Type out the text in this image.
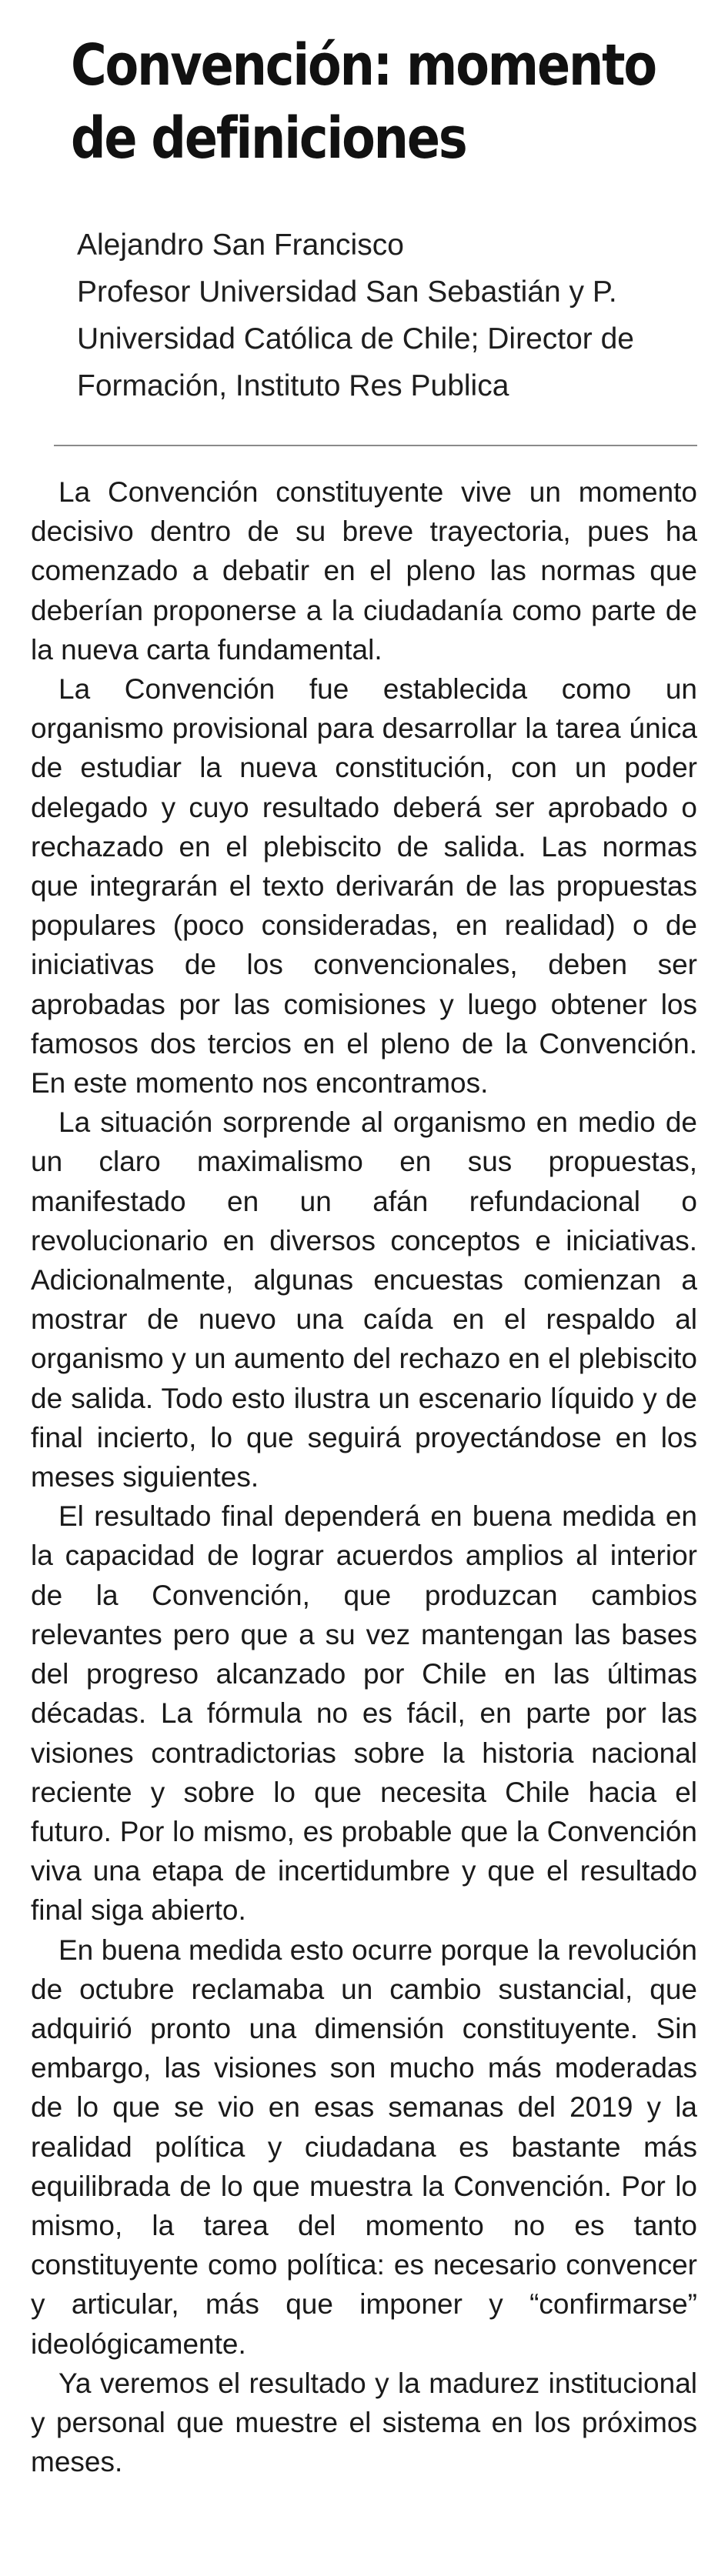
Convención: momento
de definiciones
Alejandro San Francisco
Profesor Universidad San Sebastián y P.
Universidad Católica de Chile; Director de
Formación, Instituto Res Publica

La Convención constituyente vive un momento decisivo dentro de su breve trayectoria, pues ha comenzado a debatir en el pleno las normas que deberían proponerse a la ciudadanía como parte de la nueva carta fundamental.

La Convención fue establecida como un organismo provisional para desarrollar la tarea única de estudiar la nueva constitución, con un poder delegado y cuyo resultado deberá ser aprobado o rechazado en el plebiscito de salida. Las normas que integrarán el texto derivarán de las propuestas populares (poco consideradas, en realidad) o de iniciativas de los convencionales, deben ser aprobadas por las comisiones y luego obtener los famosos dos tercios en el pleno de la Convención. En este momento nos encontramos.

La situación sorprende al organismo en medio de un claro maximalismo en sus propuestas, manifestado en un afán refundacional o revolucionario en diversos conceptos e iniciativas. Adicionalmente, algunas encuestas comienzan a mostrar de nuevo una caída en el respaldo al organismo y un aumento del rechazo en el plebiscito de salida. Todo esto ilustra un escenario líquido y de final incierto, lo que seguirá proyectándose en los meses siguientes.

El resultado final dependerá en buena medida en la capacidad de lograr acuerdos amplios al interior de la Convención, que produzcan cambios relevantes pero que a su vez mantengan las bases del progreso alcanzado por Chile en las últimas décadas. La fórmula no es fácil, en parte por las visiones contradictorias sobre la historia nacional reciente y sobre lo que necesita Chile hacia el futuro. Por lo mismo, es probable que la Convención viva una etapa de incertidumbre y que el resultado final siga abierto.

En buena medida esto ocurre porque la revolución de octubre reclamaba un cambio sustancial, que adquirió pronto una dimensión constituyente. Sin embargo, las visiones son mucho más moderadas de lo que se vio en esas semanas del 2019 y la realidad política y ciudadana es bastante más equilibrada de lo que muestra la Convención. Por lo mismo, la tarea del momento no es tanto constituyente como política: es necesario convencer y articular, más que imponer y “confirmarse” ideológicamente.

Ya veremos el resultado y la madurez institucional y personal que muestre el sistema en los próximos meses.
